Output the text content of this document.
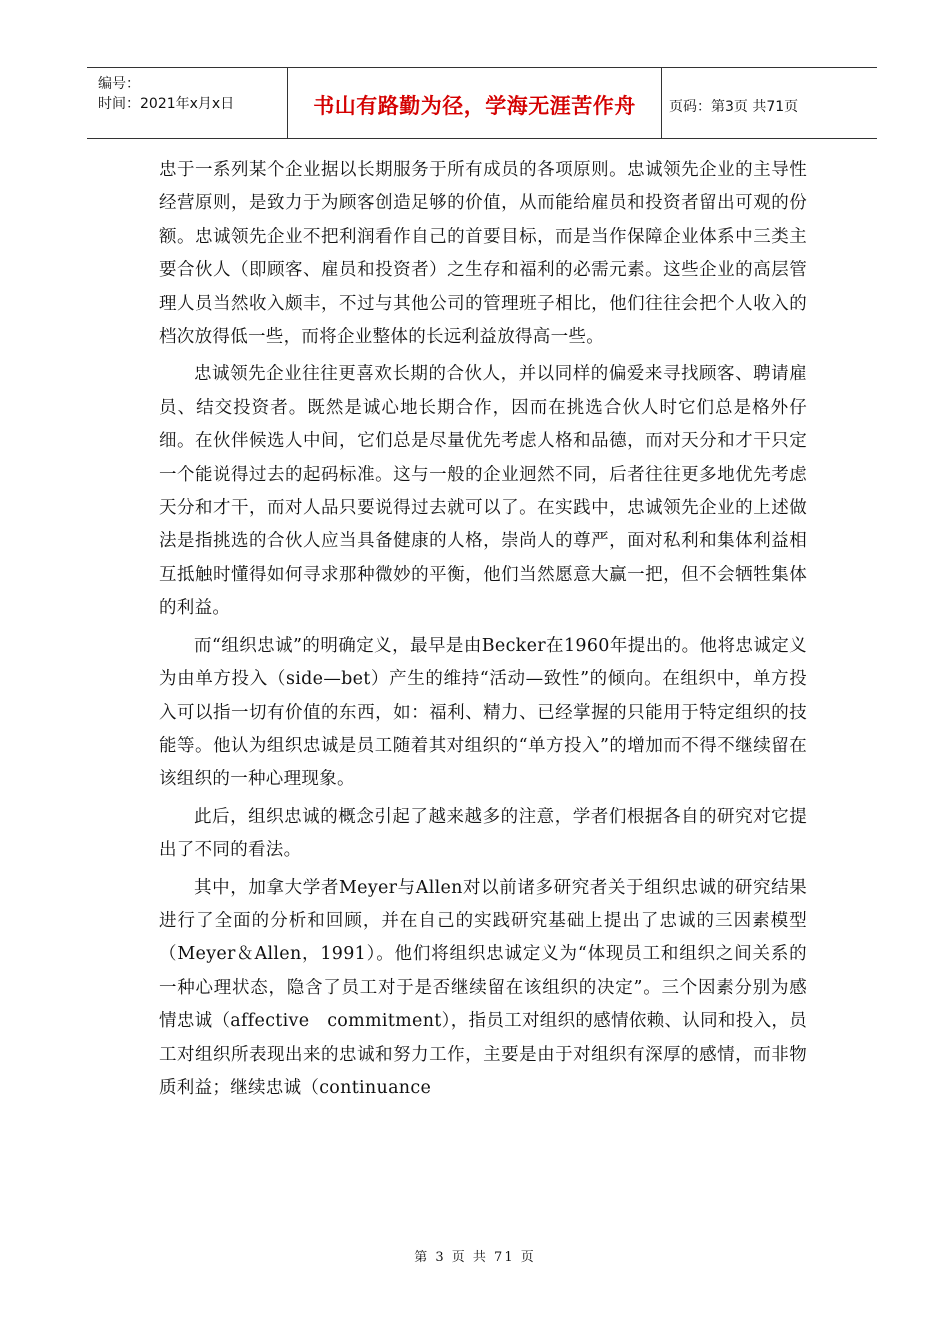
编号：
时间：2021年x月x日	书山有路勤为径，学海无涯苦作舟	页码：第3页 共71页

忠于一系列某个企业据以长期服务于所有成员的各项原则。忠诚领先企业的主导性经营原则，是致力于为顾客创造足够的价值，从而能给雇员和投资者留出可观的份额。忠诚领先企业不把利润看作自己的首要目标，而是当作保障企业体系中三类主要合伙人（即顾客、雇员和投资者）之生存和福利的必需元素。这些企业的高层管理人员当然收入颇丰，不过与其他公司的管理班子相比，他们往往会把个人收入的档次放得低一些，而将企业整体的长远利益放得高一些。

忠诚领先企业往往更喜欢长期的合伙人，并以同样的偏爱来寻找顾客、聘请雇员、结交投资者。既然是诚心地长期合作，因而在挑选合伙人时它们总是格外仔细。在伙伴候选人中间，它们总是尽量优先考虑人格和品德，而对天分和才干只定一个能说得过去的起码标准。这与一般的企业迥然不同，后者往往更多地优先考虑天分和才干，而对人品只要说得过去就可以了。在实践中，忠诚领先企业的上述做法是指挑选的合伙人应当具备健康的人格，崇尚人的尊严，面对私利和集体利益相互抵触时懂得如何寻求那种微妙的平衡，他们当然愿意大赢一把，但不会牺牲集体的利益。

而“组织忠诚”的明确定义，最早是由Becker在1960年提出的。他将忠诚定义为由单方投入（side—bet）产生的维持“活动—致性”的倾向。在组织中，单方投入可以指一切有价值的东西，如：福利、精力、已经掌握的只能用于特定组织的技能等。他认为组织忠诚是员工随着其对组织的“单方投入”的增加而不得不继续留在该组织的一种心理现象。

此后，组织忠诚的概念引起了越来越多的注意，学者们根据各自的研究对它提出了不同的看法。

其中，加拿大学者Meyer与Allen对以前诸多研究者关于组织忠诚的研究结果进行了全面的分析和回顾，并在自己的实践研究基础上提出了忠诚的三因素模型（Meyer＆Allen，1991）。他们将组织忠诚定义为“体现员工和组织之间关系的一种心理状态，隐含了员工对于是否继续留在该组织的决定”。三个因素分别为感情忠诚（affective　commitment），指员工对组织的感情依赖、认同和投入，员工对组织所表现出来的忠诚和努力工作，主要是由于对组织有深厚的感情，而非物质利益；继续忠诚（continuance

第 3 页 共 71 页
